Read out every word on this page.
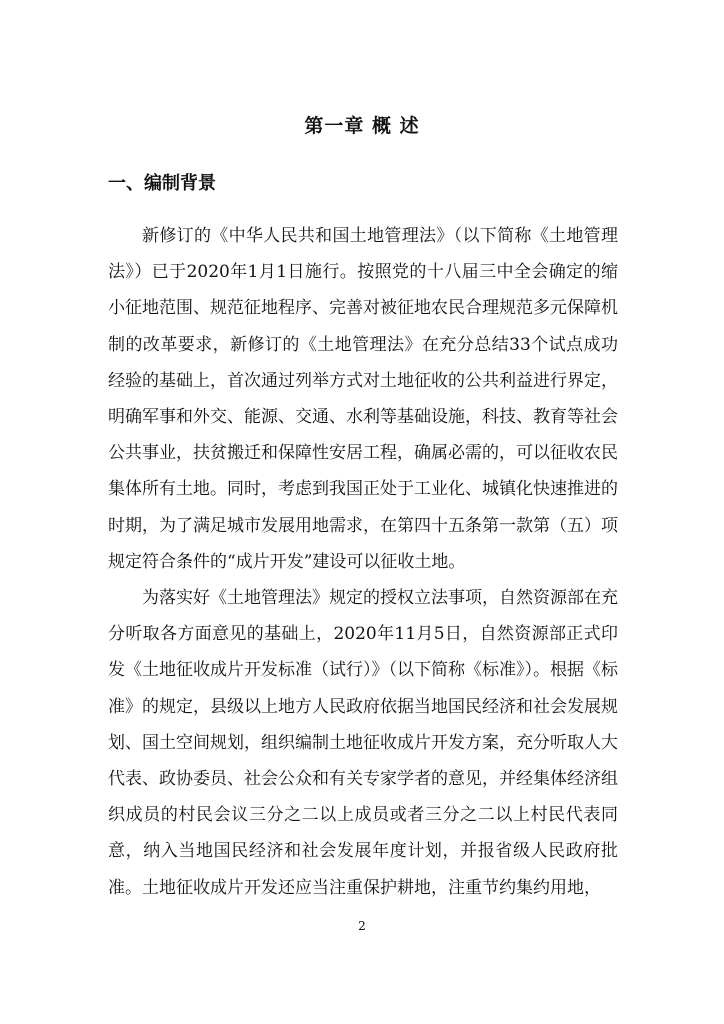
第一章 概 述
一、编制背景

新修订的《中华人民共和国土地管理法》（以下简称《土地管理法》）已于2020年1月1日施行。按照党的十八届三中全会确定的缩小征地范围、规范征地程序、完善对被征地农民合理规范多元保障机制的改革要求，新修订的《土地管理法》在充分总结33个试点成功经验的基础上，首次通过列举方式对土地征收的公共利益进行界定，明确军事和外交、能源、交通、水利等基础设施，科技、教育等社会公共事业，扶贫搬迁和保障性安居工程，确属必需的，可以征收农民集体所有土地。同时，考虑到我国正处于工业化、城镇化快速推进的时期，为了满足城市发展用地需求，在第四十五条第一款第（五）项规定符合条件的“成片开发”建设可以征收土地。

为落实好《土地管理法》规定的授权立法事项，自然资源部在充分听取各方面意见的基础上，2020年11月5日，自然资源部正式印发《土地征收成片开发标准（试行）》（以下简称《标准》）。根据《标准》的规定，县级以上地方人民政府依据当地国民经济和社会发展规划、国土空间规划，组织编制土地征收成片开发方案，充分听取人大代表、政协委员、社会公众和有关专家学者的意见，并经集体经济组织成员的村民会议三分之二以上成员或者三分之二以上村民代表同意，纳入当地国民经济和社会发展年度计划，并报省级人民政府批准。土地征收成片开发还应当注重保护耕地，注重节约集约用地，

2
